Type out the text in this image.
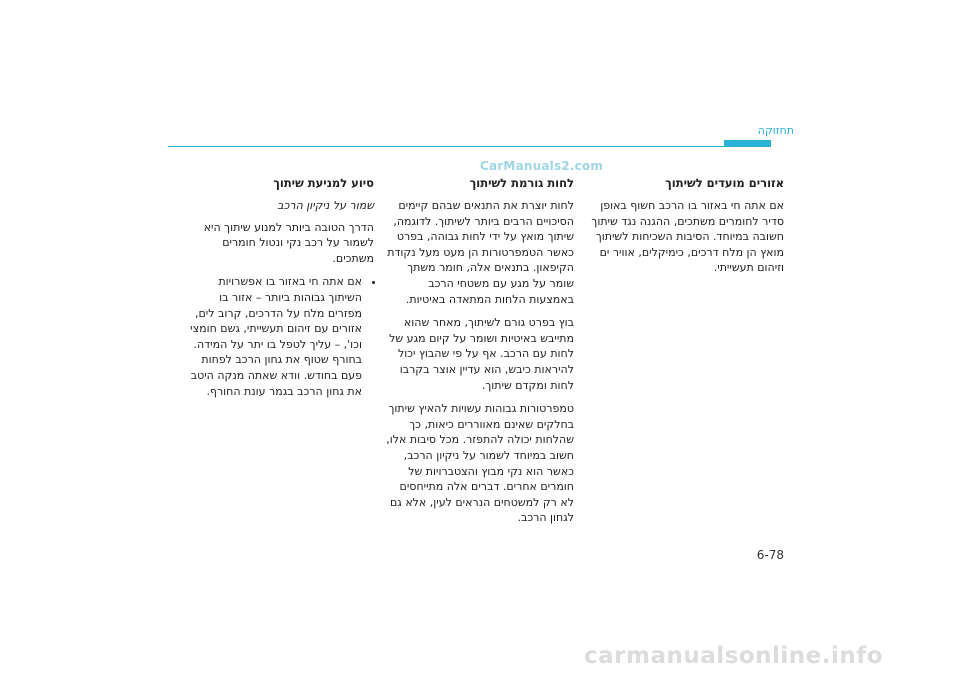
תחזוקה
CarManuals2.com
אזורים מועדים לשיתוך

אם אתה חי באזור בו הרכב חשוף באופן סדיר לחומרים משתכים, ההגנה נגד שיתוך חשובה במיוחד. הסיבות השכיחות לשיתוך מואץ הן מלח דרכים, כימיקלים, אוויר ים וזיהום תעשייתי.

לחות גורמת לשיתוך

לחות יוצרת את התנאים שבהם קיימים הסיכויים הרבים ביותר לשיתוך. לדוגמה, שיתוך מואץ על ידי לחות גבוהה, בפרט כאשר הטמפרטורות הן מעט מעל נקודת הקיפאון. בתנאים אלה, חומר משתך שומר על מגע עם משטחי הרכב באמצעות הלחות המתאדה באיטיות.

בוץ בפרט גורם לשיתוך, מאחר שהוא מתייבש באיטיות ושומר על קיום מגע של לחות עם הרכב. אף על פי שהבוץ יכול להיראות כיבש, הוא עדיין אוצר בקרבו לחות ומקדם שיתוך.

טמפרטורות גבוהות עשויות להאיץ שיתוך בחלקים שאינם מאווררים כיאות, כך שהלחות יכולה להתפזר. מכל סיבות אלו, חשוב במיוחד לשמור על ניקיון הרכב, כאשר הוא נקי מבוץ והצטברויות של חומרים אחרים. דברים אלה מתייחסים לא רק למשטחים הנראים לעין, אלא גם לגחון הרכב.

סיוע למניעת שיתוך

שמור על ניקיון הרכב

הדרך הטובה ביותר למנוע שיתוך היא לשמור על רכב נקי ונטול חומרים משתכים.

• אם אתה חי באזור בו אפשרויות השיתוך גבוהות ביותר – אזור בו מפזרים מלח על הדרכים, קרוב לים, אזורים עם זיהום תעשייתי, גשם חומצי וכו', – עליך לטפל בו יתר על המידה. בחורף שטוף את גחון הרכב לפחות פעם בחודש. וודא שאתה מנקה היטב את גחון הרכב בגמר עונת החורף.
6-78
carmanualsonline.info
